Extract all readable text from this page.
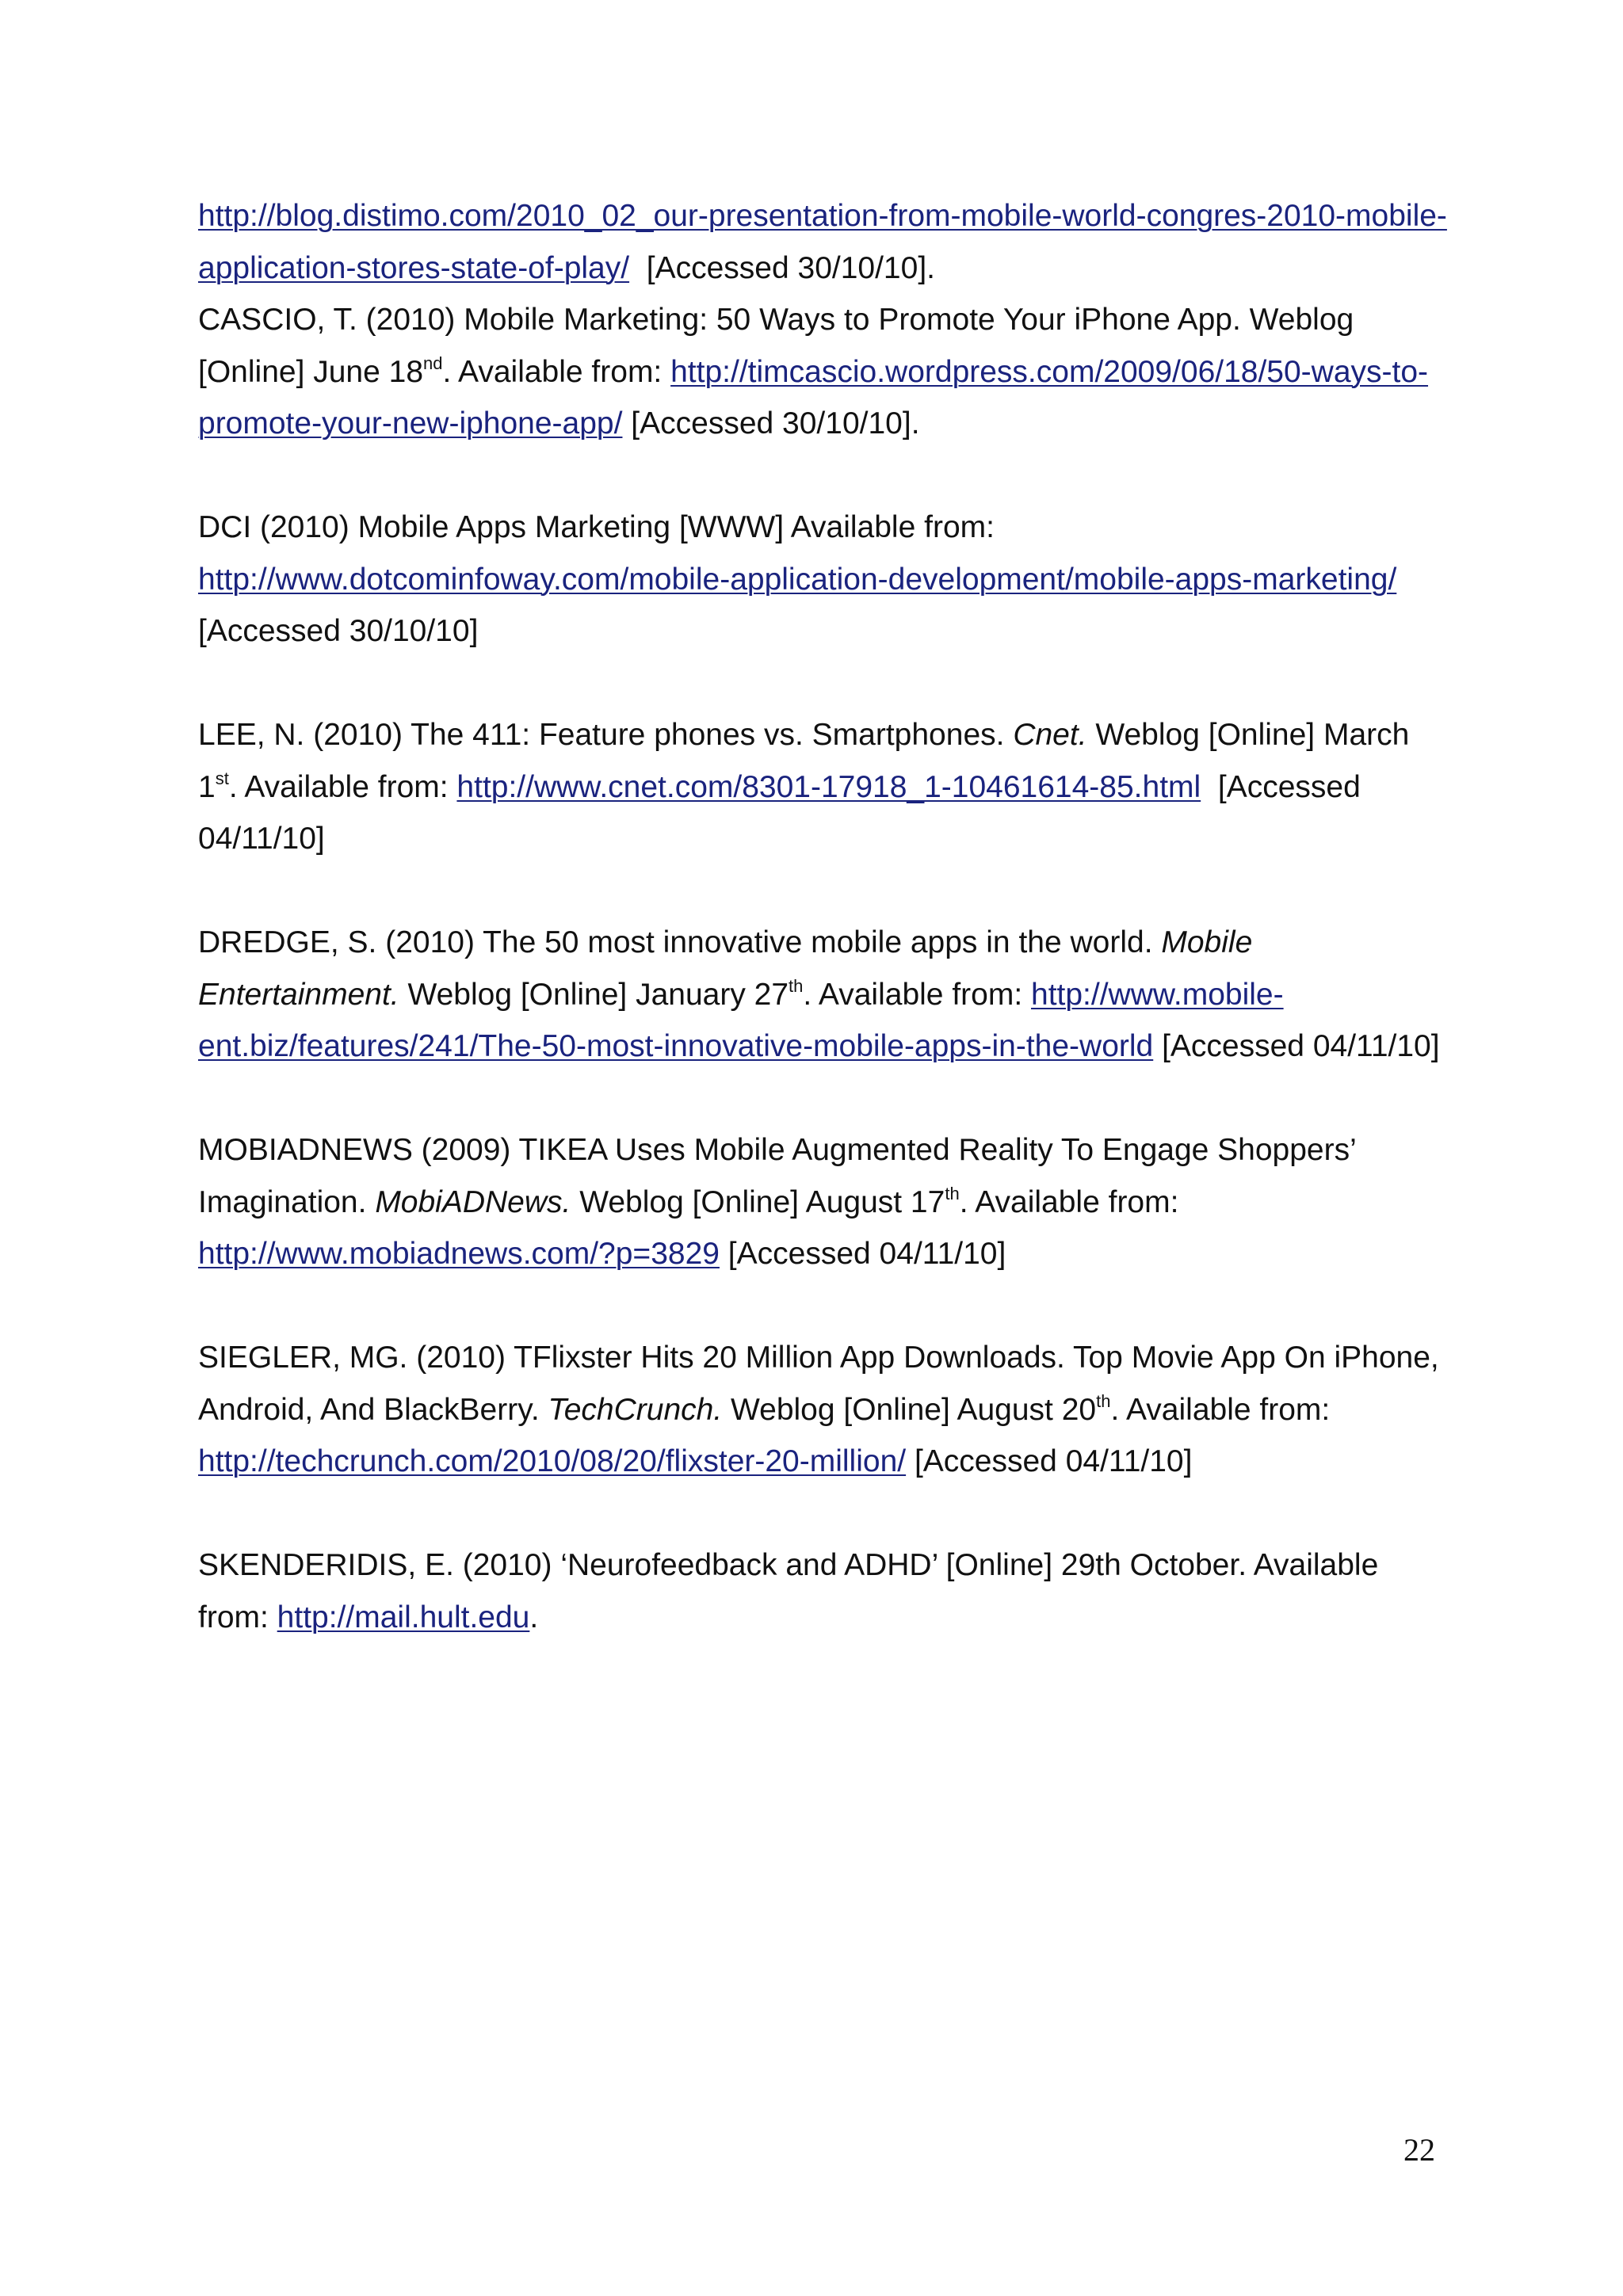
http://blog.distimo.com/2010_02_our-presentation-from-mobile-world-congres-2010-mobile-application-stores-state-of-play/  [Accessed 30/10/10].

CASCIO, T. (2010) Mobile Marketing: 50 Ways to Promote Your iPhone App. Weblog [Online] June 18nd. Available from: http://timcascio.wordpress.com/2009/06/18/50-ways-to-promote-your-new-iphone-app/ [Accessed 30/10/10].

DCI (2010) Mobile Apps Marketing [WWW] Available from: http://www.dotcominfoway.com/mobile-application-development/mobile-apps-marketing/ [Accessed 30/10/10]

LEE, N. (2010) The 411: Feature phones vs. Smartphones. Cnet. Weblog [Online] March 1st. Available from: http://www.cnet.com/8301-17918_1-10461614-85.html  [Accessed 04/11/10]

DREDGE, S. (2010) The 50 most innovative mobile apps in the world. Mobile Entertainment. Weblog [Online] January 27th. Available from: http://www.mobile-ent.biz/features/241/The-50-most-innovative-mobile-apps-in-the-world [Accessed 04/11/10]

MOBIADNEWS (2009) TIKEA Uses Mobile Augmented Reality To Engage Shoppers’ Imagination. MobiADNews. Weblog [Online] August 17th. Available from: http://www.mobiadnews.com/?p=3829 [Accessed 04/11/10]

SIEGLER, MG. (2010) TFlixster Hits 20 Million App Downloads. Top Movie App On iPhone, Android, And BlackBerry. TechCrunch. Weblog [Online] August 20th. Available from: http://techcrunch.com/2010/08/20/flixster-20-million/ [Accessed 04/11/10]

SKENDERIDIS, E. (2010) ‘Neurofeedback and ADHD’ [Online] 29th October. Available from: http://mail.hult.edu.

22
